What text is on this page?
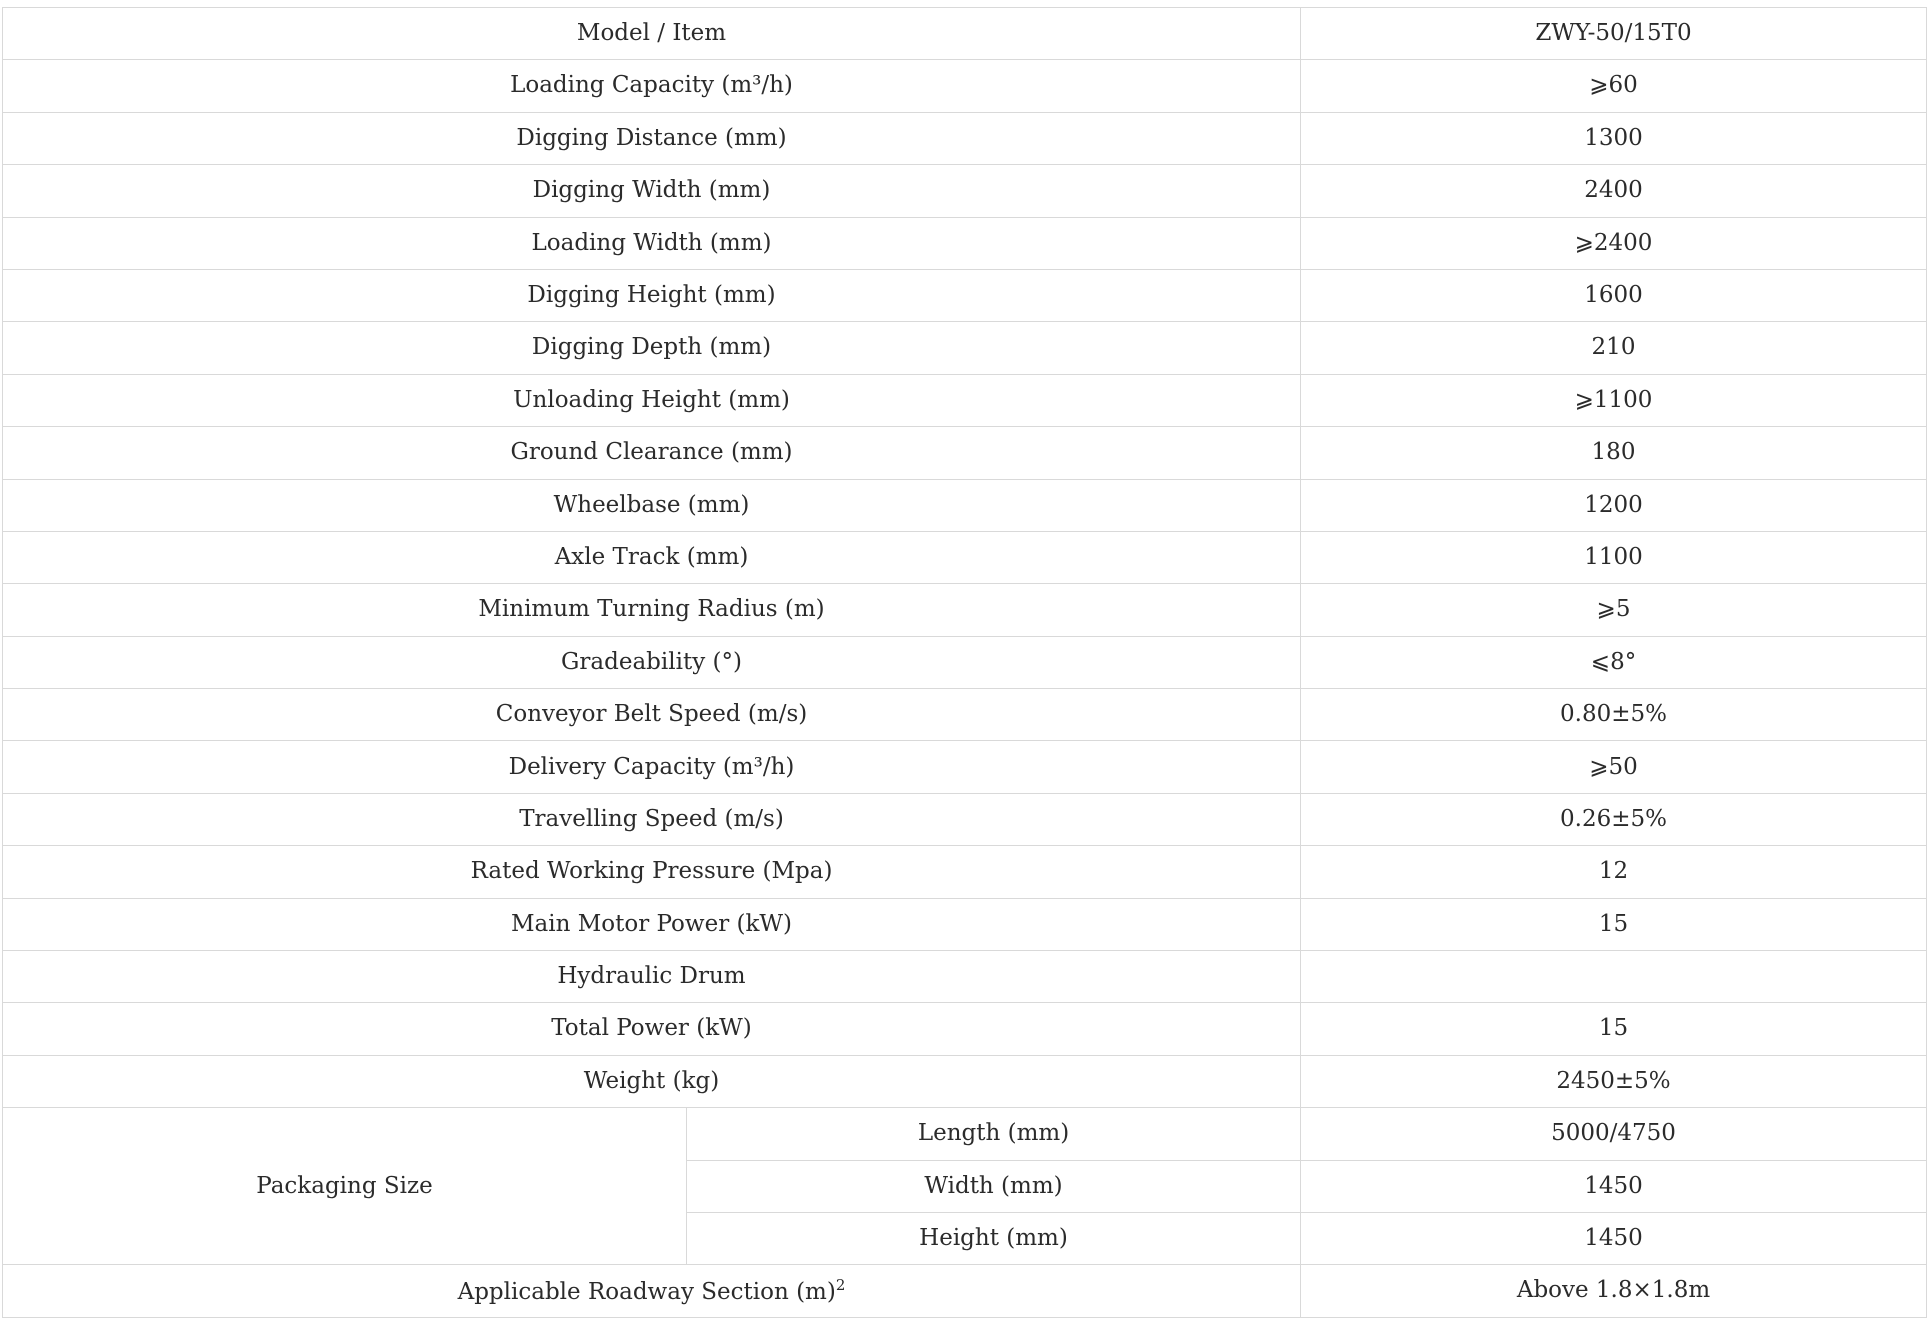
Model / Item		ZWY-50/15T0
Loading Capacity (m³/h)		⩾60
Digging Distance (mm)		1300
Digging Width (mm)		2400
Loading Width (mm)		⩾2400
Digging Height (mm)		1600
Digging Depth (mm)		210
Unloading Height (mm)		⩾1100
Ground Clearance (mm)		180
Wheelbase (mm)		1200
Axle Track (mm)		1100
Minimum Turning Radius (m)		⩾5
Gradeability (°)		⩽8°
Conveyor Belt Speed (m/s)		0.80±5%
Delivery Capacity (m³/h)		⩾50
Travelling Speed (m/s)		0.26±5%
Rated Working Pressure (Mpa)		12
Main Motor Power (kW)		15
Hydraulic Drum		
Total Power (kW)		15
Weight (kg)		2450±5%
Packaging Size	Length (mm)	5000/4750
	Width (mm)	1450
	Height (mm)	1450
Applicable Roadway Section $(m)^2$		Above 1.8×1.8m
